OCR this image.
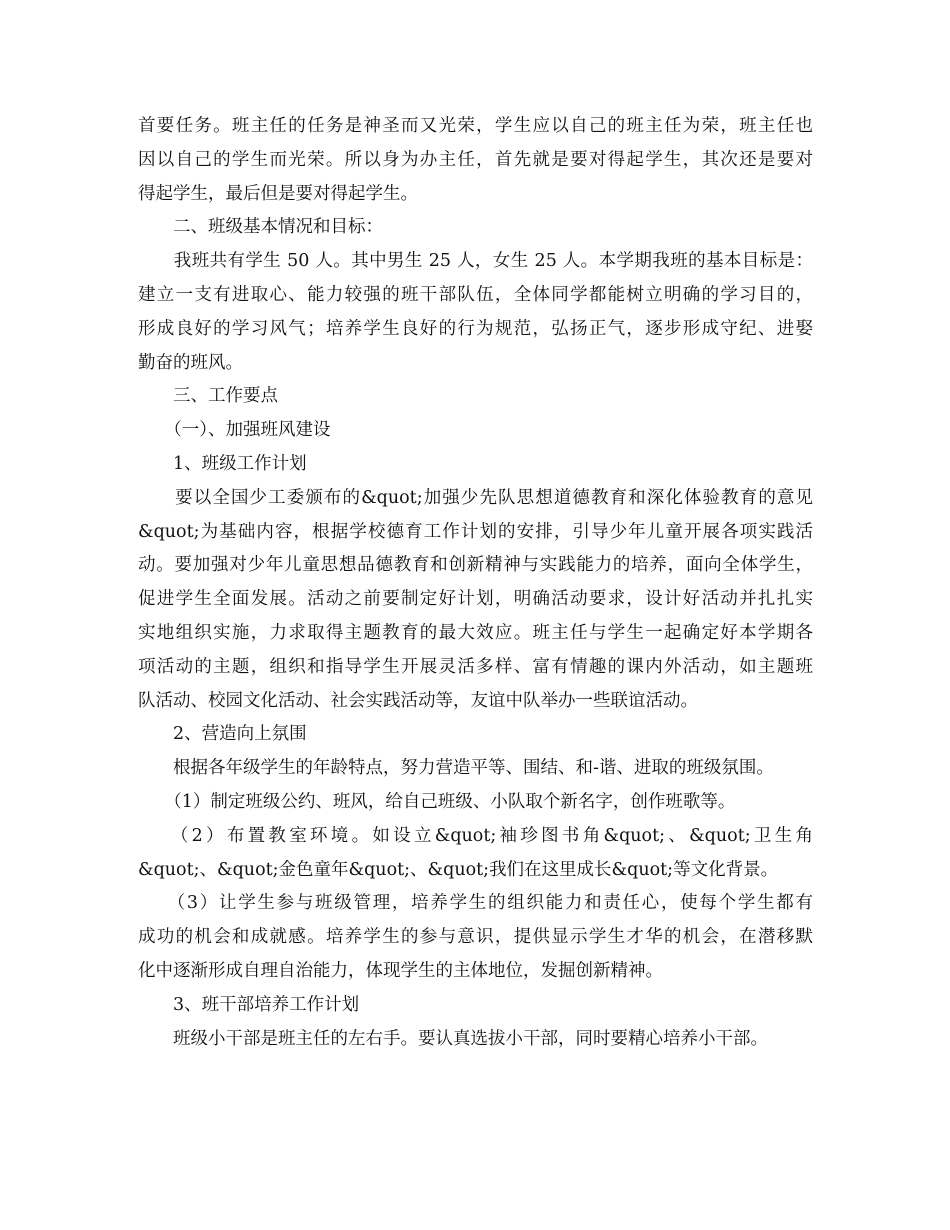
首要任务。班主任的任务是神圣而又光荣，学生应以自己的班主任为荣，班主任也

因以自己的学生而光荣。所以身为办主任，首先就是要对得起学生，其次还是要对

得起学生，最后但是要对得起学生。

　　二、班级基本情况和目标：

　　我班共有学生 50 人。其中男生 25 人，女生 25 人。本学期我班的基本目标是：

建立一支有进取心、能力较强的班干部队伍，全体同学都能树立明确的学习目的，

形成良好的学习风气；培养学生良好的行为规范，弘扬正气，逐步形成守纪、进娶

勤奋的班风。

　　三、工作要点

　　（一）、加强班风建设

　　1、班级工作计划

　　要以全国少工委颁布的&quot;加强少先队思想道德教育和深化体验教育的意见

&quot;为基础内容，根据学校德育工作计划的安排，引导少年儿童开展各项实践活

动。要加强对少年儿童思想品德教育和创新精神与实践能力的培养，面向全体学生，

促进学生全面发展。活动之前要制定好计划，明确活动要求，设计好活动并扎扎实

实地组织实施，力求取得主题教育的最大效应。班主任与学生一起确定好本学期各

项活动的主题，组织和指导学生开展灵活多样、富有情趣的课内外活动，如主题班

队活动、校园文化活动、社会实践活动等，友谊中队举办一些联谊活动。

　　2、营造向上氛围

　　根据各年级学生的年龄特点，努力营造平等、围结、和-谐、进取的班级氛围。

　　（1）制定班级公约、班风，给自己班级、小队取个新名字，创作班歌等。

　　（2）布置教室环境。如设立&quot;袖珍图书角&quot;、&quot;卫生角

&quot;、&quot;金色童年&quot;、&quot;我们在这里成长&quot;等文化背景。

　　（3）让学生参与班级管理，培养学生的组织能力和责任心，使每个学生都有

成功的机会和成就感。培养学生的参与意识，提供显示学生才华的机会，在潜移默

化中逐渐形成自理自治能力，体现学生的主体地位，发掘创新精神。

　　3、班干部培养工作计划

　　班级小干部是班主任的左右手。要认真选拔小干部，同时要精心培养小干部。
